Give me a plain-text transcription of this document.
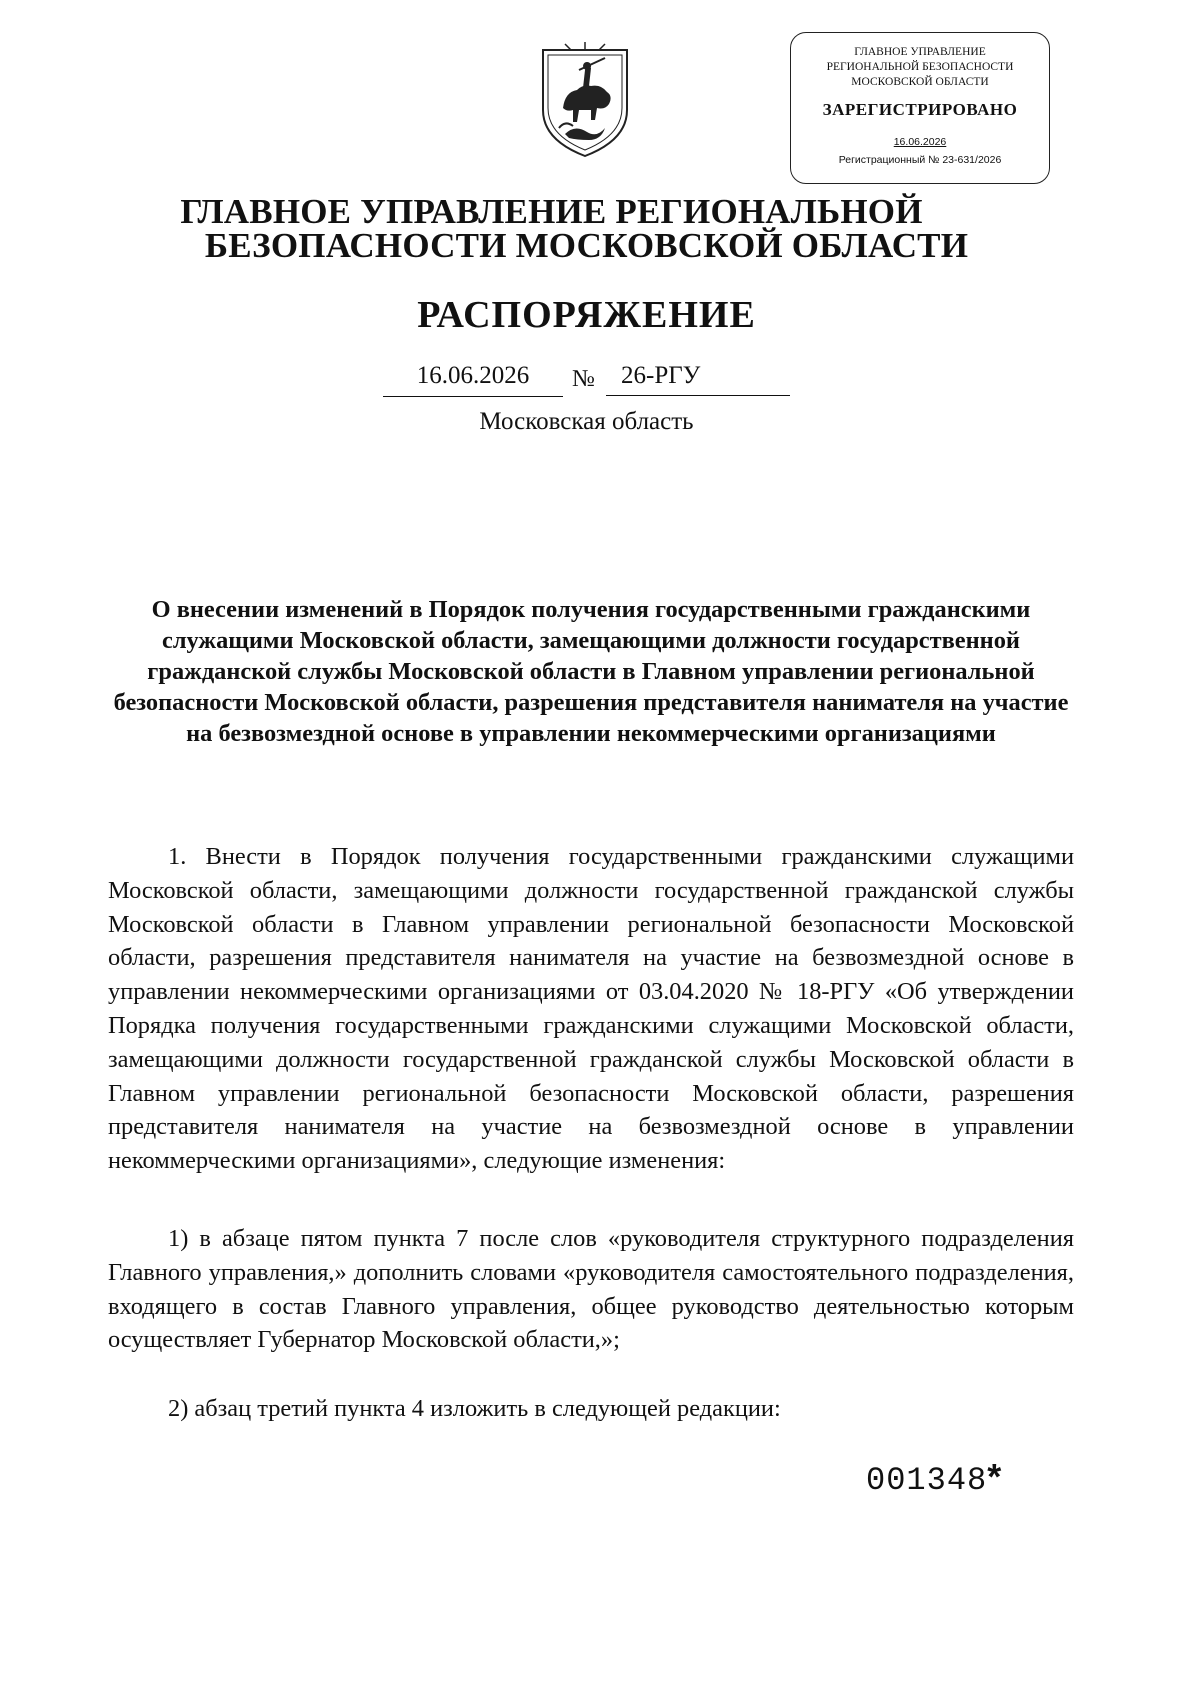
ГЛАВНОЕ УПРАВЛЕНИЕ
РЕГИОНАЛЬНОЙ БЕЗОПАСНОСТИ
МОСКОВСКОЙ ОБЛАСТИ
ЗАРЕГИСТРИРОВАНО
16.06.2026
Регистрационный № 23-631/2026
ГЛАВНОЕ УПРАВЛЕНИЕ РЕГИОНАЛЬНОЙ
БЕЗОПАСНОСТИ МОСКОВСКОЙ ОБЛАСТИ
РАСПОРЯЖЕНИЕ
16.06.2026	№	26-РГУ
Московская область
О внесении изменений в Порядок получения государственными гражданскими служащими Московской области, замещающими должности государственной гражданской службы Московской области в Главном управлении региональной безопасности Московской области, разрешения представителя нанимателя на участие на безвозмездной основе в управлении некоммерческими организациями
1. Внести в Порядок получения государственными гражданскими служащими Московской области, замещающими должности государственной гражданской службы Московской области в Главном управлении региональной безопасности Московской области, разрешения представителя нанимателя на участие на безвозмездной основе в управлении некоммерческими организациями от 03.04.2020 № 18-РГУ «Об утверждении Порядка получения государственными гражданскими служащими Московской области, замещающими должности государственной гражданской службы Московской области в Главном управлении региональной безопасности Московской области, разрешения представителя нанимателя на участие на безвозмездной основе в управлении некоммерческими организациями», следующие изменения:
1) в абзаце пятом пункта 7 после слов «руководителя структурного подразделения Главного управления,» дополнить словами «руководителя самостоятельного подразделения, входящего в состав Главного управления, общее руководство деятельностью которым осуществляет Губернатор Московской области,»;
2) абзац третий пункта 4 изложить в следующей редакции:
001348*
